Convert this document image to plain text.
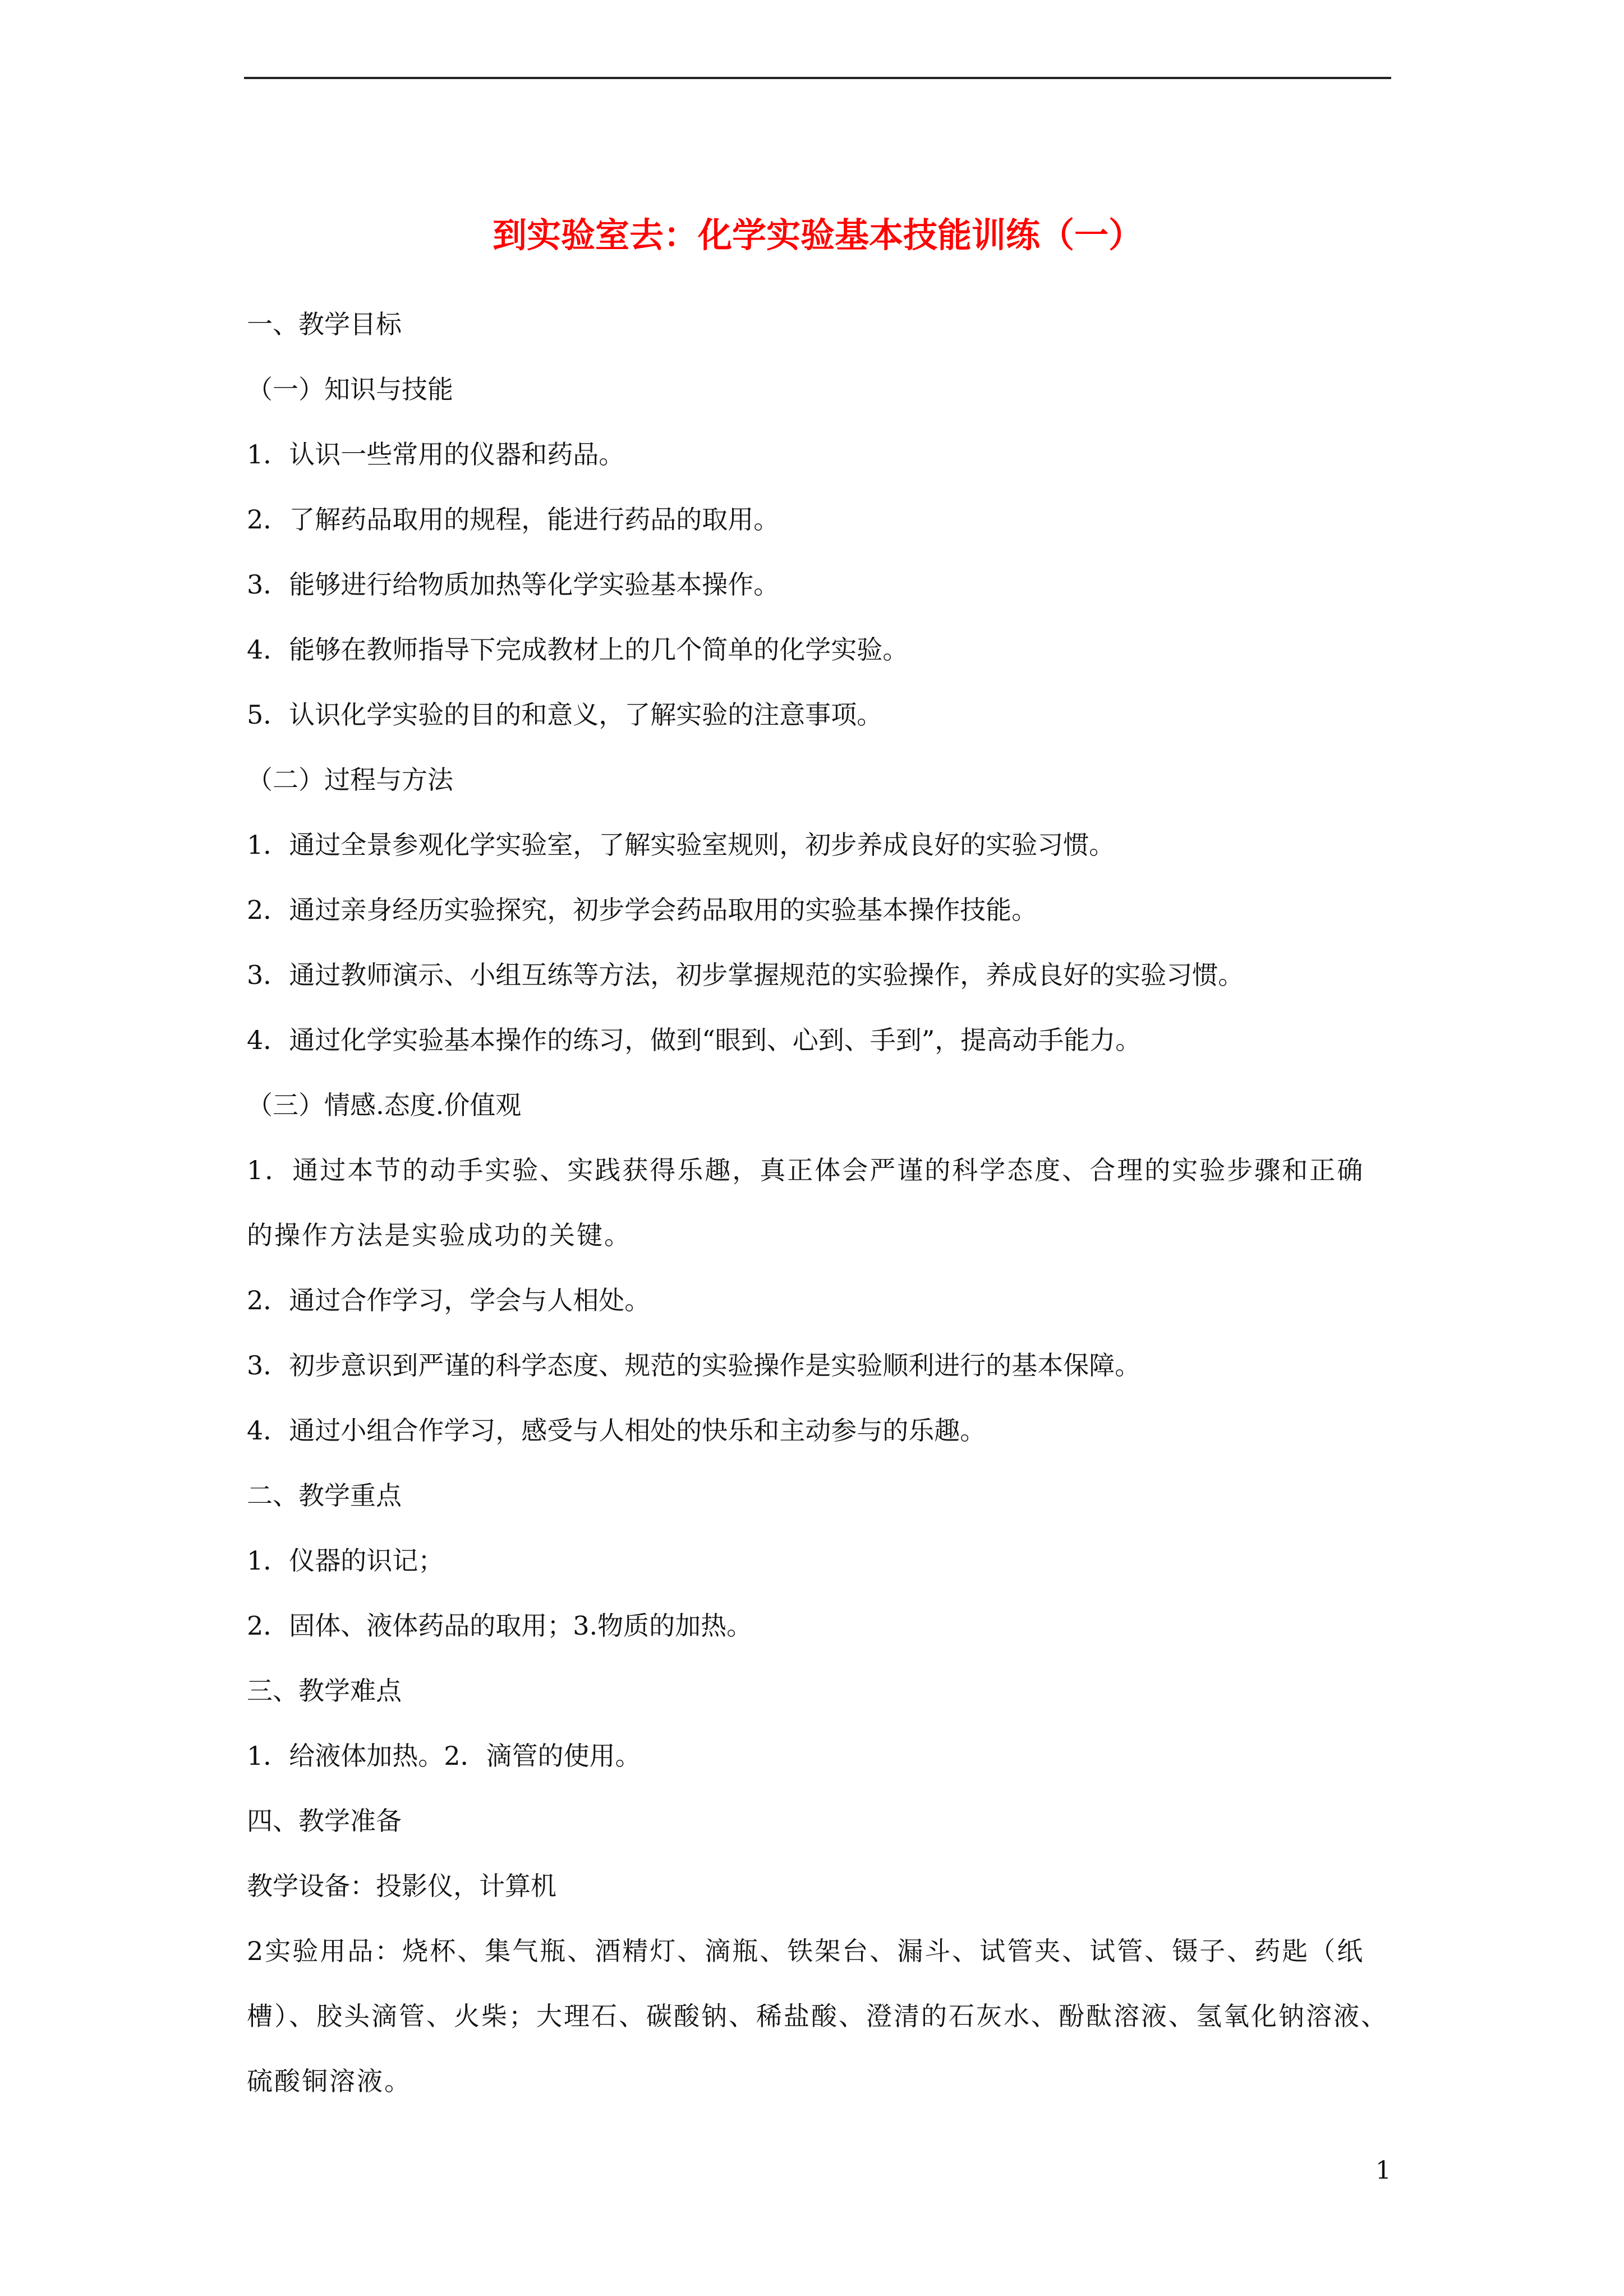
到实验室去：化学实验基本技能训练（一）
一、教学目标
（一）知识与技能
1．认识一些常用的仪器和药品。
2．了解药品取用的规程，能进行药品的取用。
3．能够进行给物质加热等化学实验基本操作。
4．能够在教师指导下完成教材上的几个简单的化学实验。
5．认识化学实验的目的和意义，了解实验的注意事项。
（二）过程与方法
1．通过全景参观化学实验室，了解实验室规则，初步养成良好的实验习惯。
2．通过亲身经历实验探究，初步学会药品取用的实验基本操作技能。
3．通过教师演示、小组互练等方法，初步掌握规范的实验操作，养成良好的实验习惯。
4．通过化学实验基本操作的练习，做到“眼到、心到、手到”，提高动手能力。
（三）情感.态度.价值观
1．通过本节的动手实验、实践获得乐趣，真正体会严谨的科学态度、合理的实验步骤和正确的操作方法是实验成功的关键。
2．通过合作学习，学会与人相处。
3．初步意识到严谨的科学态度、规范的实验操作是实验顺利进行的基本保障。
4．通过小组合作学习，感受与人相处的快乐和主动参与的乐趣。
二、教学重点
1．仪器的识记；
2．固体、液体药品的取用；3.物质的加热。
三、教学难点
1．给液体加热。2．滴管的使用。
四、教学准备
教学设备：投影仪，计算机
2实验用品：烧杯、集气瓶、酒精灯、滴瓶、铁架台、漏斗、试管夹、试管、镊子、药匙（纸槽）、胶头滴管、火柴；大理石、碳酸钠、稀盐酸、澄清的石灰水、酚酞溶液、氢氧化钠溶液、硫酸铜溶液。
1
